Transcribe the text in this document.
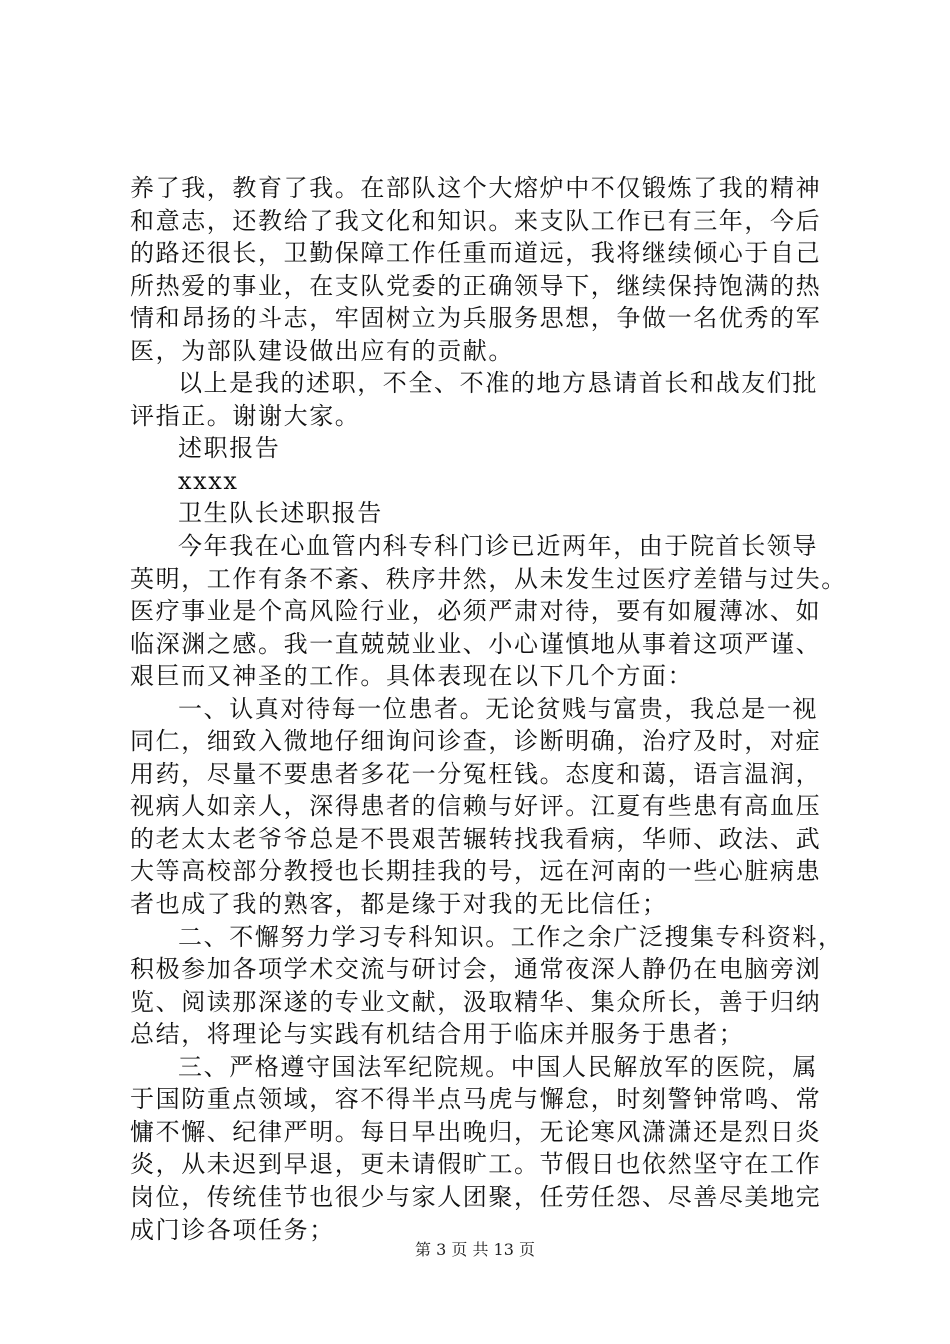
养了我，教育了我。在部队这个大熔炉中不仅锻炼了我的精神
和意志，还教给了我文化和知识。来支队工作已有三年，今后
的路还很长，卫勤保障工作任重而道远，我将继续倾心于自己
所热爱的事业，在支队党委的正确领导下，继续保持饱满的热
情和昂扬的斗志，牢固树立为兵服务思想，争做一名优秀的军
医，为部队建设做出应有的贡献。
以上是我的述职，不全、不准的地方恳请首长和战友们批
评指正。谢谢大家。
述职报告
xxxx
卫生队长述职报告
今年我在心血管内科专科门诊已近两年，由于院首长领导
英明，工作有条不紊、秩序井然，从未发生过医疗差错与过失。
医疗事业是个高风险行业，必须严肃对待，要有如履薄冰、如
临深渊之感。我一直兢兢业业、小心谨慎地从事着这项严谨、
艰巨而又神圣的工作。具体表现在以下几个方面：
一、认真对待每一位患者。无论贫贱与富贵，我总是一视
同仁，细致入微地仔细询问诊查，诊断明确，治疗及时，对症
用药，尽量不要患者多花一分冤枉钱。态度和蔼，语言温润，
视病人如亲人，深得患者的信赖与好评。江夏有些患有高血压
的老太太老爷爷总是不畏艰苦辗转找我看病，华师、政法、武
大等高校部分教授也长期挂我的号，远在河南的一些心脏病患
者也成了我的熟客，都是缘于对我的无比信任；
二、不懈努力学习专科知识。工作之余广泛搜集专科资料，
积极参加各项学术交流与研讨会，通常夜深人静仍在电脑旁浏
览、阅读那深遂的专业文献，汲取精华、集众所长，善于归纳
总结，将理论与实践有机结合用于临床并服务于患者；
三、严格遵守国法军纪院规。中国人民解放军的医院，属
于国防重点领域，容不得半点马虎与懈怠，时刻警钟常鸣、常
慵不懈、纪律严明。每日早出晚归，无论寒风潇潇还是烈日炎
炎，从未迟到早退，更未请假旷工。节假日也依然坚守在工作
岗位，传统佳节也很少与家人团聚，任劳任怨、尽善尽美地完
成门诊各项任务；
第 3 页 共 13 页
